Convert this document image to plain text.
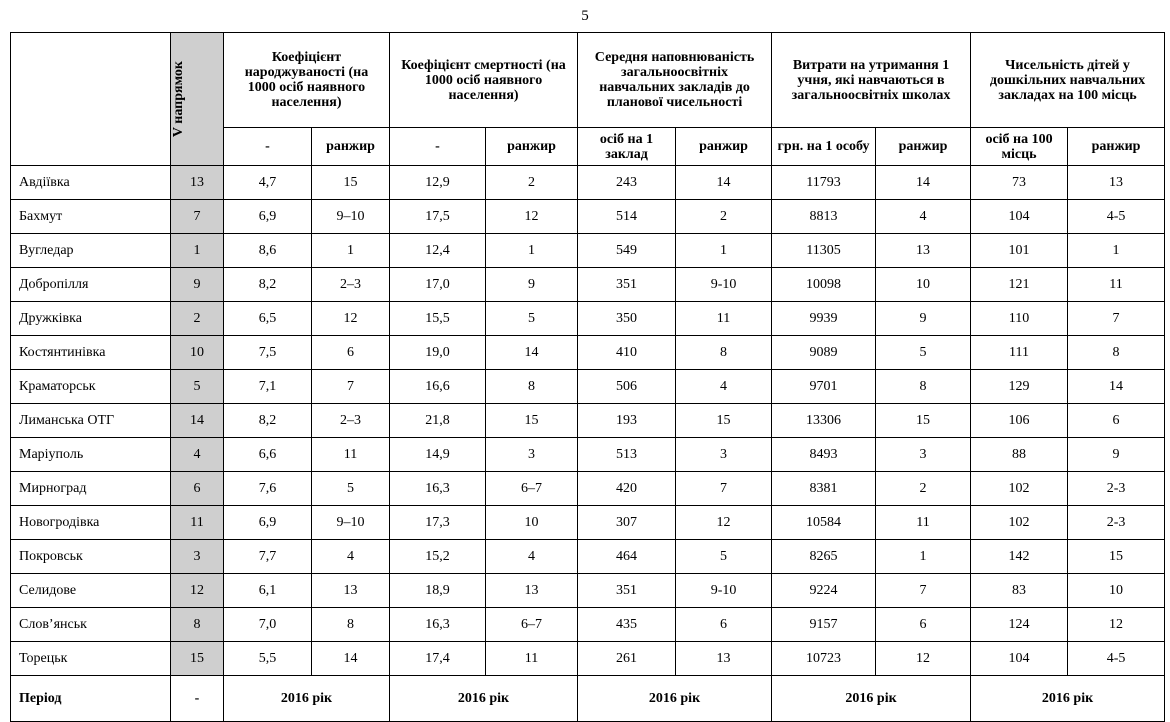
5

	V напрямок	Коефіцієнт народжуваності (на 1000 осіб наявного населення)		Коефіцієнт смертності (на 1000 осіб наявного населення)		Середня наповнюваність загальноосвітніх навчальних закладів до планової чисельності		Витрати на утримання 1 учня, які навчаються в загальноосвітніх школах		Чисельність дітей у дошкільних навчальних закладах на 100 місць	
		-	ранжир	-	ранжир	осіб на 1 заклад	ранжир	грн. на 1 особу	ранжир	осіб на 100 місць	ранжир
Авдіївка	13	4,7	15	12,9	2	243	14	11793	14	73	13
Бахмут	7	6,9	9–10	17,5	12	514	2	8813	4	104	4-5
Вугледар	1	8,6	1	12,4	1	549	1	11305	13	101	1
Добропілля	9	8,2	2–3	17,0	9	351	9-10	10098	10	121	11
Дружківка	2	6,5	12	15,5	5	350	11	9939	9	110	7
Костянтинівка	10	7,5	6	19,0	14	410	8	9089	5	111	8
Краматорськ	5	7,1	7	16,6	8	506	4	9701	8	129	14
Лиманська ОТГ	14	8,2	2–3	21,8	15	193	15	13306	15	106	6
Маріуполь	4	6,6	11	14,9	3	513	3	8493	3	88	9
Мирноград	6	7,6	5	16,3	6–7	420	7	8381	2	102	2-3
Новогродівка	11	6,9	9–10	17,3	10	307	12	10584	11	102	2-3
Покровськ	3	7,7	4	15,2	4	464	5	8265	1	142	15
Селидове	12	6,1	13	18,9	13	351	9-10	9224	7	83	10
Слов’янськ	8	7,0	8	16,3	6–7	435	6	9157	6	124	12
Торецьк	15	5,5	14	17,4	11	261	13	10723	12	104	4-5
Період	-	2016 рік		2016 рік		2016 рік		2016 рік		2016 рік	
